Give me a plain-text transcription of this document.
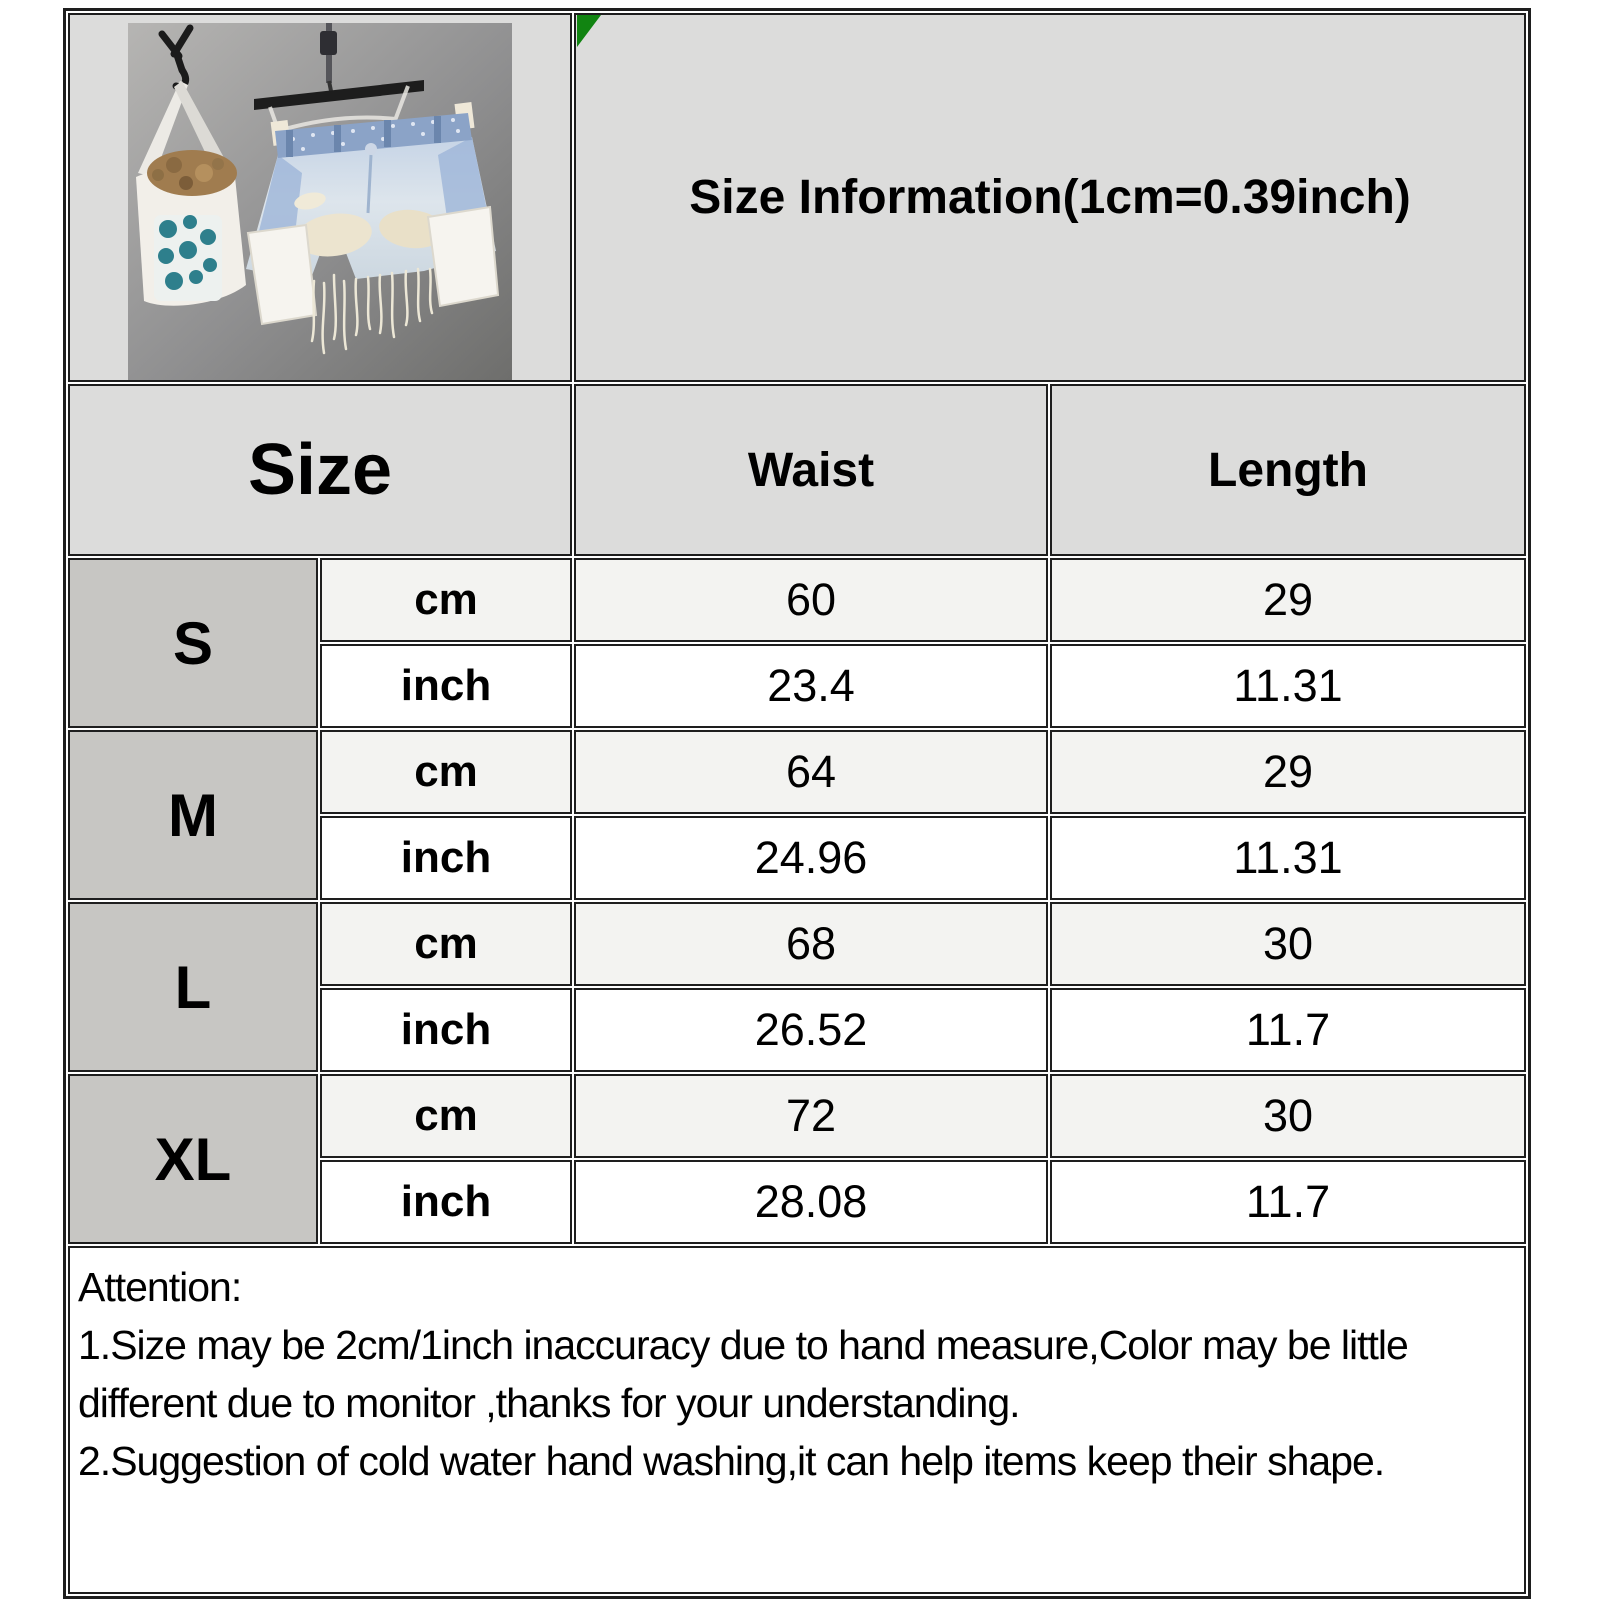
Size Information(1cm=0.39inch)	

Size		Waist	Length
S	cm	60	29
	inch	23.4	11.31
M	cm	64	29
	inch	24.96	11.31
L	cm	68	30
	inch	26.52	11.7
XL	cm	72	30
	inch	28.08	11.7

Attention:
1.Size may be 2cm/1inch inaccuracy due to hand measure,Color may be little
different due to monitor ,thanks for your understanding.
2.Suggestion of cold water hand washing,it can help items keep their shape.			
